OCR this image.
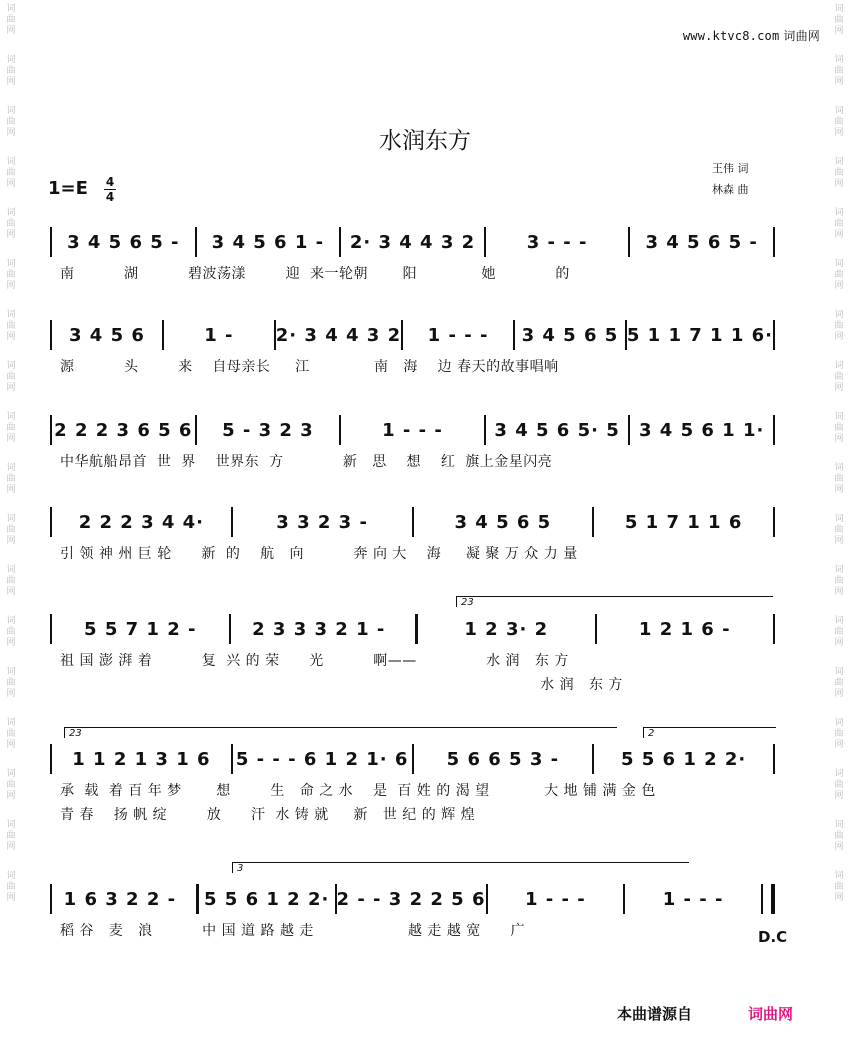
词
曲
网
词
曲
网
词
曲
网
词
曲
网
词
曲
网
词
曲
网
词
曲
网
词
曲
网
词
曲
网
词
曲
网
词
曲
网
词
曲
网
词
曲
网
词
曲
网
词
曲
网
词
曲
网
词
曲
网
词
曲
网
词
曲
网
词
曲
网
词
曲
网
词
曲
网
词
曲
网
词
曲
网
词
曲
网
词
曲
网
词
曲
网
词
曲
网
词
曲
网
词
曲
网
词
曲
网
词
曲
网
词
曲
网
词
曲
网
词
曲
网
词
曲
网
www.ktvc8.com 词曲网
水润东方
王伟 词
林森 曲
1=E 4
4
23
23	2
3
3 4 5 6 5 -	3 4 5 6 1 -	2· 3 4 4 3 2	3 - - -	3 4 5 6 5 -
南          湖          碧波荡漾        迎  来一轮朝       阳             她            的
3 4 5 6	1 -	2· 3 4 4 3 2	1 - - -	3 4 5 6 5 5 1 1 7 1 1 6·
源          头        来    自母亲长     江             南   海    边 春天的故事唱响
2 2 2 3 6 5 6	5 - 3 2 3	1 - - -	3 4 5 6 5· 5	3 4 5 6 1 1·
中华航船昂首  世  界    世界东  方            新   思    想    红  旗上金星闪亮
2 2 2 3 4 4·	3 3 2 3 -	3 4 5 6 5	5 1 7 1 1 6
引 领 神 州 巨 轮      新  的    航   向          奔 向 大    海     凝 聚 万 众 力 量
5 5 7 1 2 -	2 3 3 3 2 1 -	1 2 3· 2	1 2 1 6 -
祖 国 澎 湃 着          复  兴 的 荣      光          啊——              水 润   东 方
水 润   东 方
1 1 2 1 3 1 6	5 - - - 6 1 2 1· 6	5 6 6 5 3 -	5 5 6 1 2 2·
承  载  着 百 年 梦       想        生   命 之 水    是  百 姓 的 渴 望           大 地 铺 满 金 色
青 春    扬 帆 绽        放      汗  水 铸 就     新   世 纪 的 辉 煌
1 6 3 2 2 -	5 5 6 1 2 2· 2 - - 3 2 2 5 6	1 - - -	1 - - -
稻 谷   麦   浪          中 国 道 路 越 走                   越 走 越 宽      广	D.C
本曲谱源自	词曲网
